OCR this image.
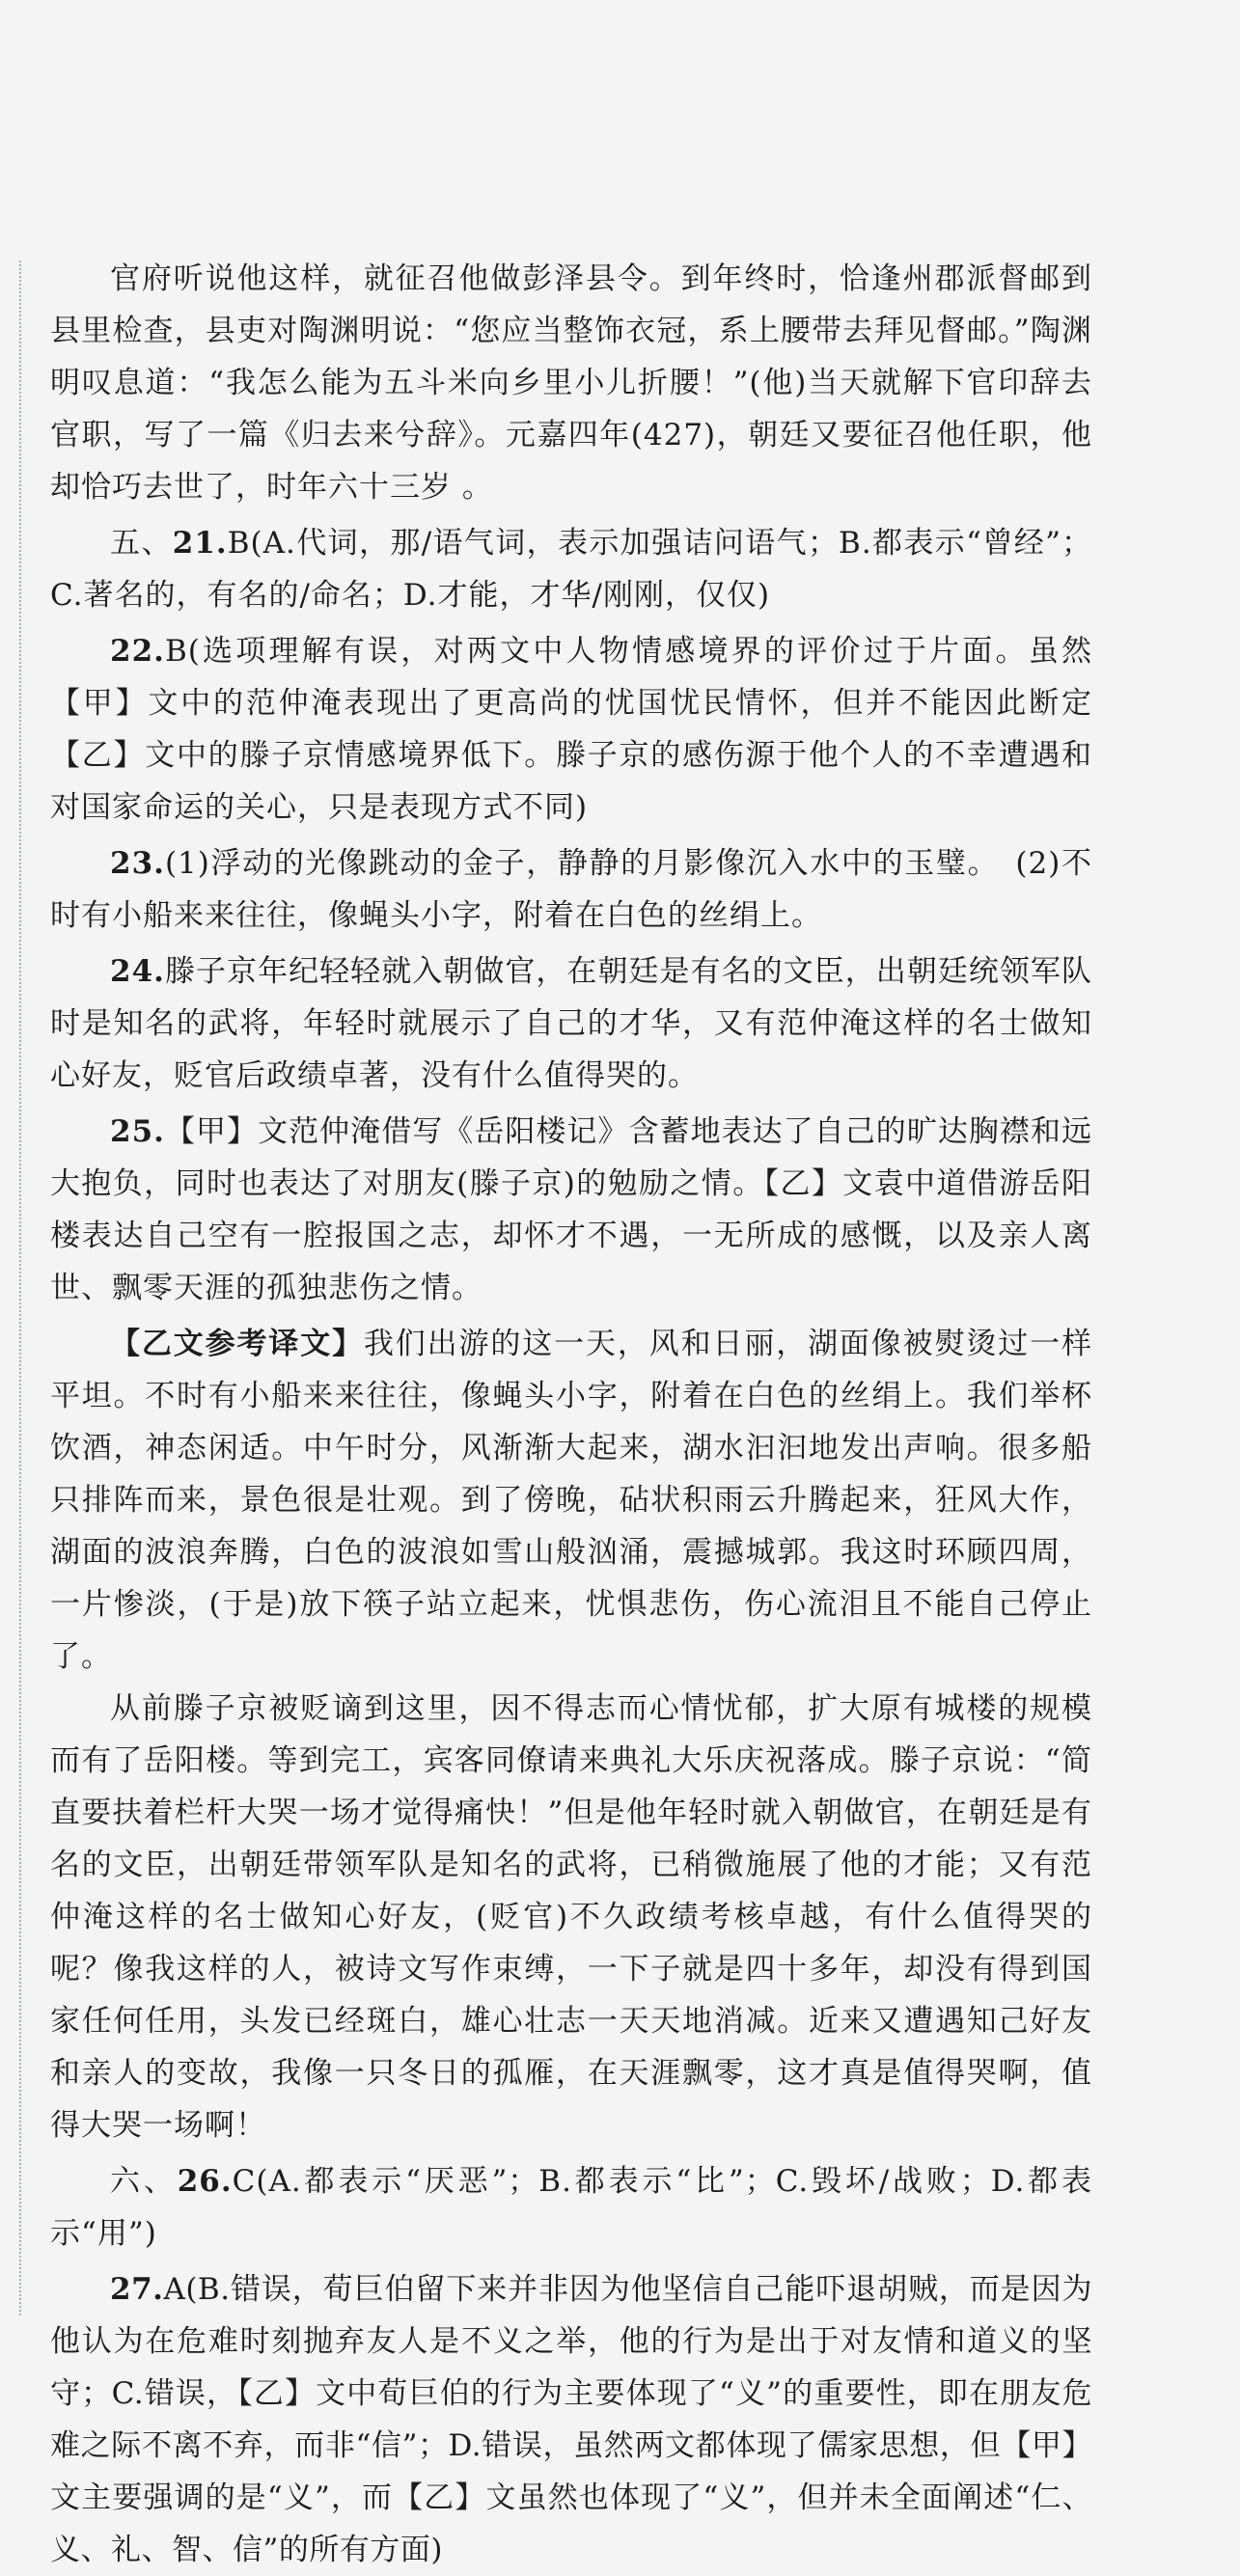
官府听说他这样，就征召他做彭泽县令。到年终时，恰逢州郡派督邮到县里检查，县吏对陶渊明说：“您应当整饰衣冠，系上腰带去拜见督邮。”陶渊明叹息道：“我怎么能为五斗米向乡里小儿折腰！”(他)当天就解下官印辞去官职，写了一篇《归去来兮辞》。元嘉四年(427)，朝廷又要征召他任职，他却恰巧去世了，时年六十三岁 。

五、21.B(A.代词，那/语气词，表示加强诘问语气；B.都表示“曾经”；C.著名的，有名的/命名；D.才能，才华/刚刚，仅仅)

22.B(选项理解有误，对两文中人物情感境界的评价过于片面。虽然【甲】文中的范仲淹表现出了更高尚的忧国忧民情怀，但并不能因此断定【乙】文中的滕子京情感境界低下。滕子京的感伤源于他个人的不幸遭遇和对国家命运的关心，只是表现方式不同)

23.(1)浮动的光像跳动的金子，静静的月影像沉入水中的玉璧。　(2)不时有小船来来往往，像蝇头小字，附着在白色的丝绢上。

24.滕子京年纪轻轻就入朝做官，在朝廷是有名的文臣，出朝廷统领军队时是知名的武将，年轻时就展示了自己的才华，又有范仲淹这样的名士做知心好友，贬官后政绩卓著，没有什么值得哭的。

25.【甲】文范仲淹借写《岳阳楼记》含蓄地表达了自己的旷达胸襟和远大抱负，同时也表达了对朋友(滕子京)的勉励之情。【乙】文袁中道借游岳阳楼表达自己空有一腔报国之志，却怀才不遇，一无所成的感慨，以及亲人离世、飘零天涯的孤独悲伤之情。

【乙文参考译文】我们出游的这一天，风和日丽，湖面像被熨烫过一样平坦。不时有小船来来往往，像蝇头小字，附着在白色的丝绢上。我们举杯饮酒，神态闲适。中午时分，风渐渐大起来，湖水汩汩地发出声响。很多船只排阵而来，景色很是壮观。到了傍晚，砧状积雨云升腾起来，狂风大作，湖面的波浪奔腾，白色的波浪如雪山般汹涌，震撼城郭。我这时环顾四周，一片惨淡，(于是)放下筷子站立起来，忧惧悲伤，伤心流泪且不能自己停止了。

从前滕子京被贬谪到这里，因不得志而心情忧郁，扩大原有城楼的规模而有了岳阳楼。等到完工，宾客同僚请来典礼大乐庆祝落成。滕子京说：“简直要扶着栏杆大哭一场才觉得痛快！”但是他年轻时就入朝做官，在朝廷是有名的文臣，出朝廷带领军队是知名的武将，已稍微施展了他的才能；又有范仲淹这样的名士做知心好友，(贬官)不久政绩考核卓越，有什么值得哭的呢？像我这样的人，被诗文写作束缚，一下子就是四十多年，却没有得到国家任何任用，头发已经斑白，雄心壮志一天天地消减。近来又遭遇知己好友和亲人的变故，我像一只冬日的孤雁，在天涯飘零，这才真是值得哭啊，值得大哭一场啊！

六、26.C(A.都表示“厌恶”；B.都表示“比”；C.毁坏/战败；D.都表示“用”)

27.A(B.错误，荀巨伯留下来并非因为他坚信自己能吓退胡贼，而是因为他认为在危难时刻抛弃友人是不义之举，他的行为是出于对友情和道义的坚守；C.错误，【乙】文中荀巨伯的行为主要体现了“义”的重要性，即在朋友危难之际不离不弃，而非“信”；D.错误，虽然两文都体现了儒家思想，但【甲】文主要强调的是“义”，而【乙】文虽然也体现了“义”，但并未全面阐述“仁、义、礼、智、信”的所有方面)
